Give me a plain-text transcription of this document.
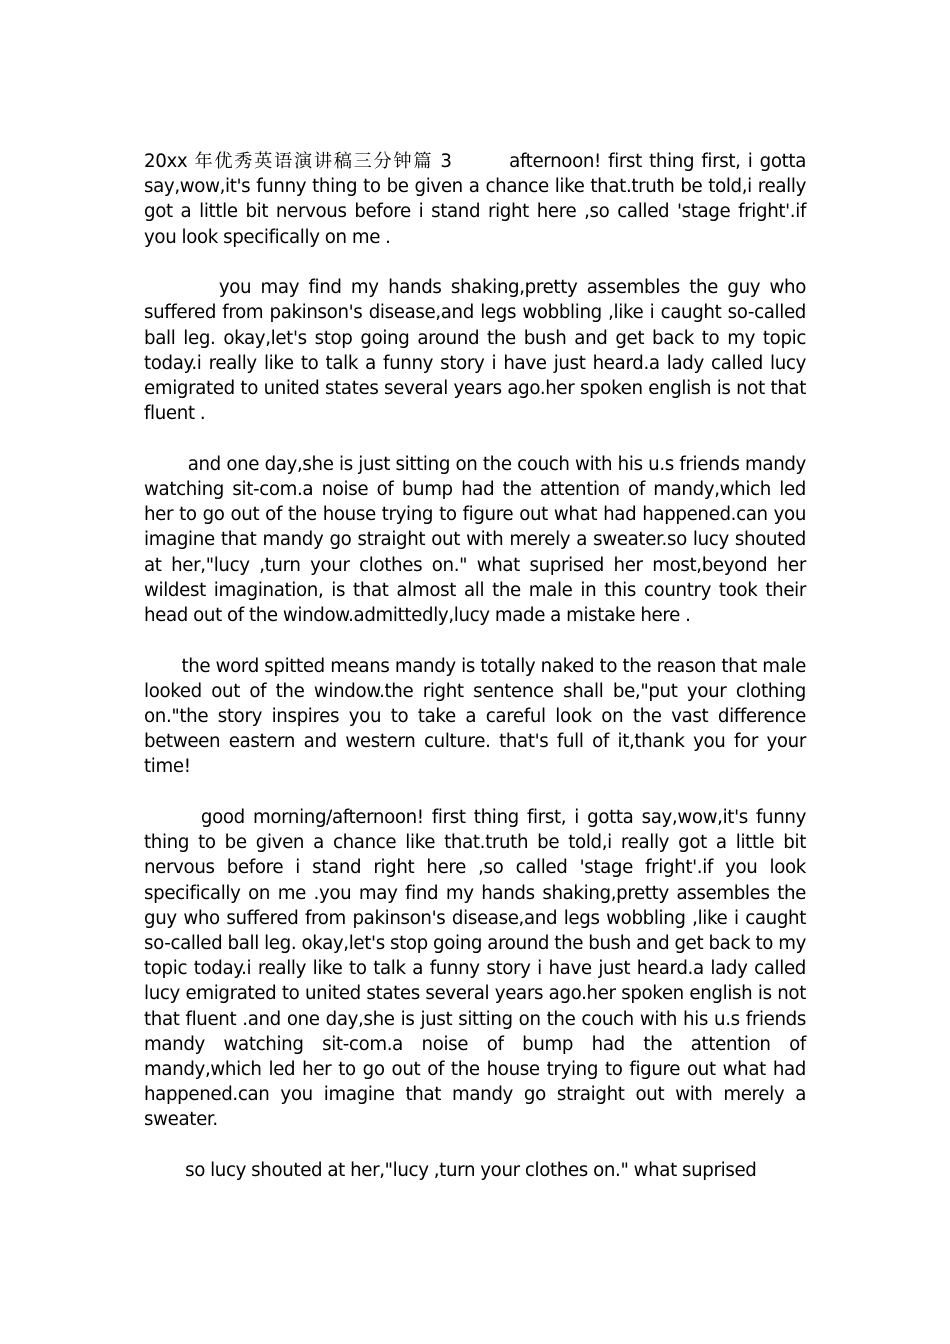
20xx 年优秀英语演讲稿三分钟篇 3        afternoon! first thing first, i gotta say,wow,it's funny thing to be given a chance like that.truth be told,i really got a little bit nervous before i stand right here ,so called 'stage fright'.if you look specifically on me .

you may find my hands shaking,pretty assembles the guy who suffered from pakinson's disease,and legs wobbling ,like i caught so-called ball leg. okay,let's stop going around the bush and get back to my topic today.i really like to talk a funny story i have just heard.a lady called lucy emigrated to united states several years ago.her spoken english is not that fluent .

and one day,she is just sitting on the couch with his u.s friends mandy watching sit-com.a noise of bump had the attention of mandy,which led her to go out of the house trying to figure out what had happened.can you imagine that mandy go straight out with merely a sweater.so lucy shouted at her,"lucy ,turn your clothes on." what suprised her most,beyond her wildest imagination, is that almost all the male in this country took their head out of the window.admittedly,lucy made a mistake here .

the word spitted means mandy is totally naked to the reason that male looked out of the window.the right sentence shall be,"put your clothing on."the story inspires you to take a careful look on the vast difference between eastern and western culture. that's full of it,thank you for your time!

good morning/afternoon! first thing first, i gotta say,wow,it's funny thing to be given a chance like that.truth be told,i really got a little bit nervous before i stand right here ,so called 'stage fright'.if you look specifically on me .you may find my hands shaking,pretty assembles the guy who suffered from pakinson's disease,and legs wobbling ,like i caught so-called ball leg. okay,let's stop going around the bush and get back to my topic today.i really like to talk a funny story i have just heard.a lady called lucy emigrated to united states several years ago.her spoken english is not that fluent .and one day,she is just sitting on the couch with his u.s friends mandy watching sit-com.a noise of bump had the attention of mandy,which led her to go out of the house trying to figure out what had happened.can you imagine that mandy go straight out with merely a sweater.

so lucy shouted at her,"lucy ,turn your clothes on." what suprised
